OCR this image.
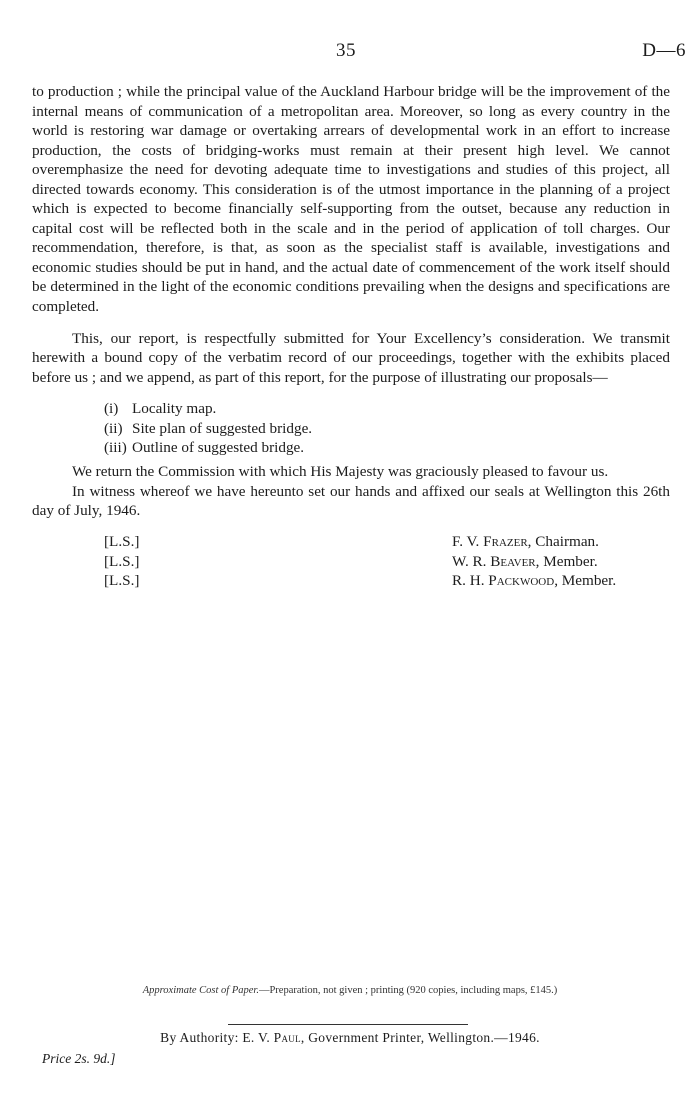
35	D—6

to production ; while the principal value of the Auckland Harbour bridge will be the improvement of the internal means of communication of a metropolitan area. Moreover, so long as every country in the world is restoring war damage or overtaking arrears of developmental work in an effort to increase production, the costs of bridging-works must remain at their present high level. We cannot overemphasize the need for devoting adequate time to investigations and studies of this project, all directed towards economy. This consideration is of the utmost importance in the planning of a project which is expected to become financially self-supporting from the outset, because any reduction in capital cost will be reflected both in the scale and in the period of application of toll charges. Our recommendation, therefore, is that, as soon as the specialist staff is available, investigations and economic studies should be put in hand, and the actual date of commencement of the work itself should be determined in the light of the economic conditions prevailing when the designs and specifications are completed.

This, our report, is respectfully submitted for Your Excellency’s consideration. We transmit herewith a bound copy of the verbatim record of our proceedings, together with the exhibits placed before us ; and we append, as part of this report, for the purpose of illustrating our proposals—

(i) Locality map.
(ii) Site plan of suggested bridge.
(iii) Outline of suggested bridge.

We return the Commission with which His Majesty was graciously pleased to favour us.

In witness whereof we have hereunto set our hands and affixed our seals at Wellington this 26th day of July, 1946.

[L.S.]
[L.S.]
[L.S.]
F. V. Frazer, Chairman.
W. R. Beaver, Member.
R. H. Packwood, Member.
Approximate Cost of Paper.—Preparation, not given ; printing (920 copies, including maps, £145.)
By Authority: E. V. Paul, Government Printer, Wellington.—1946.
Price 2s. 9d.]
